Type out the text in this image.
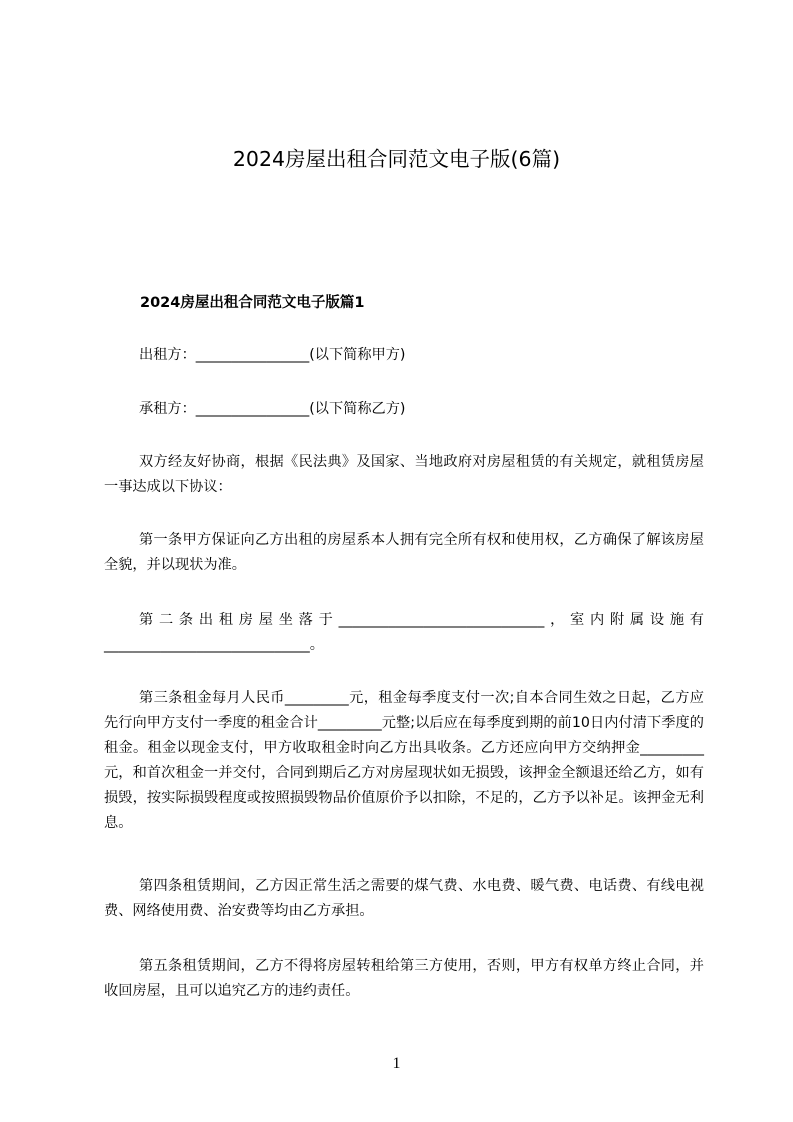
2024房屋出租合同范文电子版(6篇)
2024房屋出租合同范文电子版篇1

出租方：________________(以下简称甲方)

承租方：________________(以下简称乙方)

双方经友好协商，根据《民法典》及国家、当地政府对房屋租赁的有关规定，就租赁房屋一事达成以下协议：

第一条甲方保证向乙方出租的房屋系本人拥有完全所有权和使用权，乙方确保了解该房屋全貌，并以现状为准。

第二条出租房屋坐落于_____________________________，室内附属设施有_____________________________。

第三条租金每月人民币_________元，租金每季度支付一次;自本合同生效之日起，乙方应先行向甲方支付一季度的租金合计_________元整;以后应在每季度到期的前10日内付清下季度的租金。租金以现金支付，甲方收取租金时向乙方出具收条。乙方还应向甲方交纳押金_________元，和首次租金一并交付，合同到期后乙方对房屋现状如无损毁，该押金全额退还给乙方，如有损毁，按实际损毁程度或按照损毁物品价值原价予以扣除，不足的，乙方予以补足。该押金无利息。

第四条租赁期间，乙方因正常生活之需要的煤气费、水电费、暖气费、电话费、有线电视费、网络使用费、治安费等均由乙方承担。

第五条租赁期间，乙方不得将房屋转租给第三方使用，否则，甲方有权单方终止合同，并收回房屋，且可以追究乙方的违约责任。

1
